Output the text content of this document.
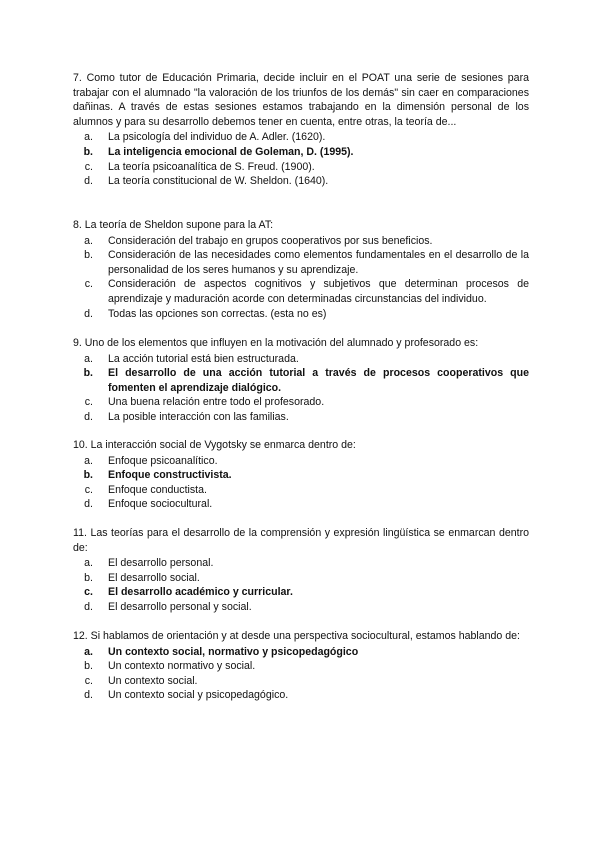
7. Como tutor de Educación Primaria, decide incluir en el POAT una serie de sesiones para trabajar con el alumnado "la valoración de los triunfos de los demás" sin caer en comparaciones dañinas. A través de estas sesiones estamos trabajando en la dimensión personal de los alumnos y para su desarrollo debemos tener en cuenta, entre otras, la teoría de...

a.	La psicología del individuo de A. Adler. (1620).
b.	La inteligencia emocional de Goleman, D. (1995).
c.	La teoría psicoanalítica de S. Freud. (1900).
d.	La teoría constitucional de W. Sheldon. (1640).

8. La teoría de Sheldon supone para la AT:

a.	Consideración del trabajo en grupos cooperativos por sus beneficios.
b.	Consideración de las necesidades como elementos fundamentales en el desarrollo de la personalidad de los seres humanos y su aprendizaje.
c.	Consideración de aspectos cognitivos y subjetivos que determinan procesos de aprendizaje y maduración acorde con determinadas circunstancias del individuo.
d.	Todas las opciones son correctas. (esta no es)

9. Uno de los elementos que influyen en la motivación del alumnado y profesorado es:

a.	La acción tutorial está bien estructurada.
b.	El desarrollo de una acción tutorial a través de procesos cooperativos que fomenten el aprendizaje dialógico.
c.	Una buena relación entre todo el profesorado.
d.	La posible interacción con las familias.

10. La interacción social de Vygotsky se enmarca dentro de:

a.	Enfoque psicoanalítico.
b.	Enfoque constructivista.
c.	Enfoque conductista.
d.	Enfoque sociocultural.

11. Las teorías para el desarrollo de la comprensión y expresión lingüística se enmarcan dentro de:

a.	El desarrollo personal.
b.	El desarrollo social.
c.	El desarrollo académico y curricular.
d.	El desarrollo personal y social.

12. Si hablamos de orientación y at desde una perspectiva sociocultural, estamos hablando de:

a.	Un contexto social, normativo y psicopedagógico
b.	Un contexto normativo y social.
c.	Un contexto social.
d.	Un contexto social y psicopedagógico.
